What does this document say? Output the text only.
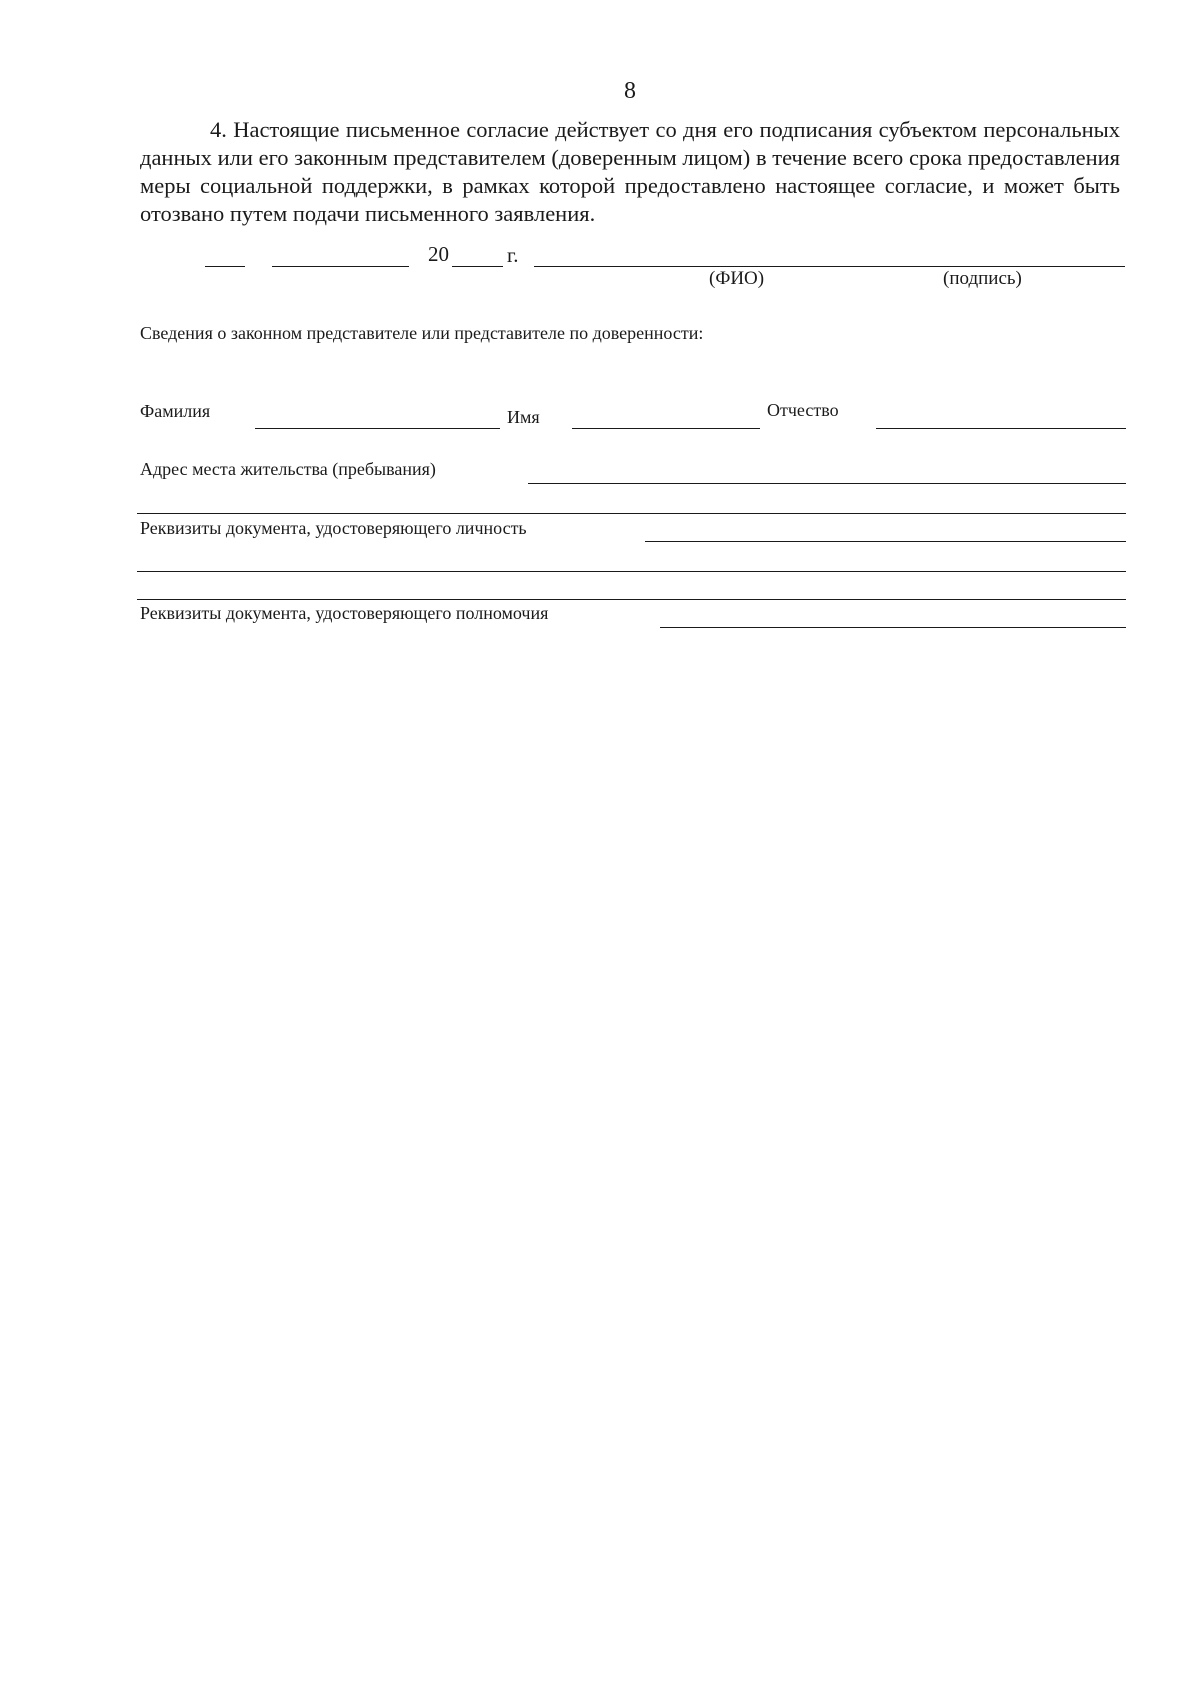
8

4. Настоящие письменное согласие действует со дня его подписания субъектом персональных данных или его законным представителем (доверенным лицом) в течение всего срока предоставления меры социальной поддержки, в рамках которой предоставлено настоящее согласие, и может быть отозвано путем подачи письменного заявления.

20	г.
(ФИО)	(подпись)
Сведения о законном представителе или представителе по доверенности:
Фамилия	Имя	Отчество
Адрес места жительства (пребывания)
Реквизиты документа, удостоверяющего личность
Реквизиты документа, удостоверяющего полномочия
